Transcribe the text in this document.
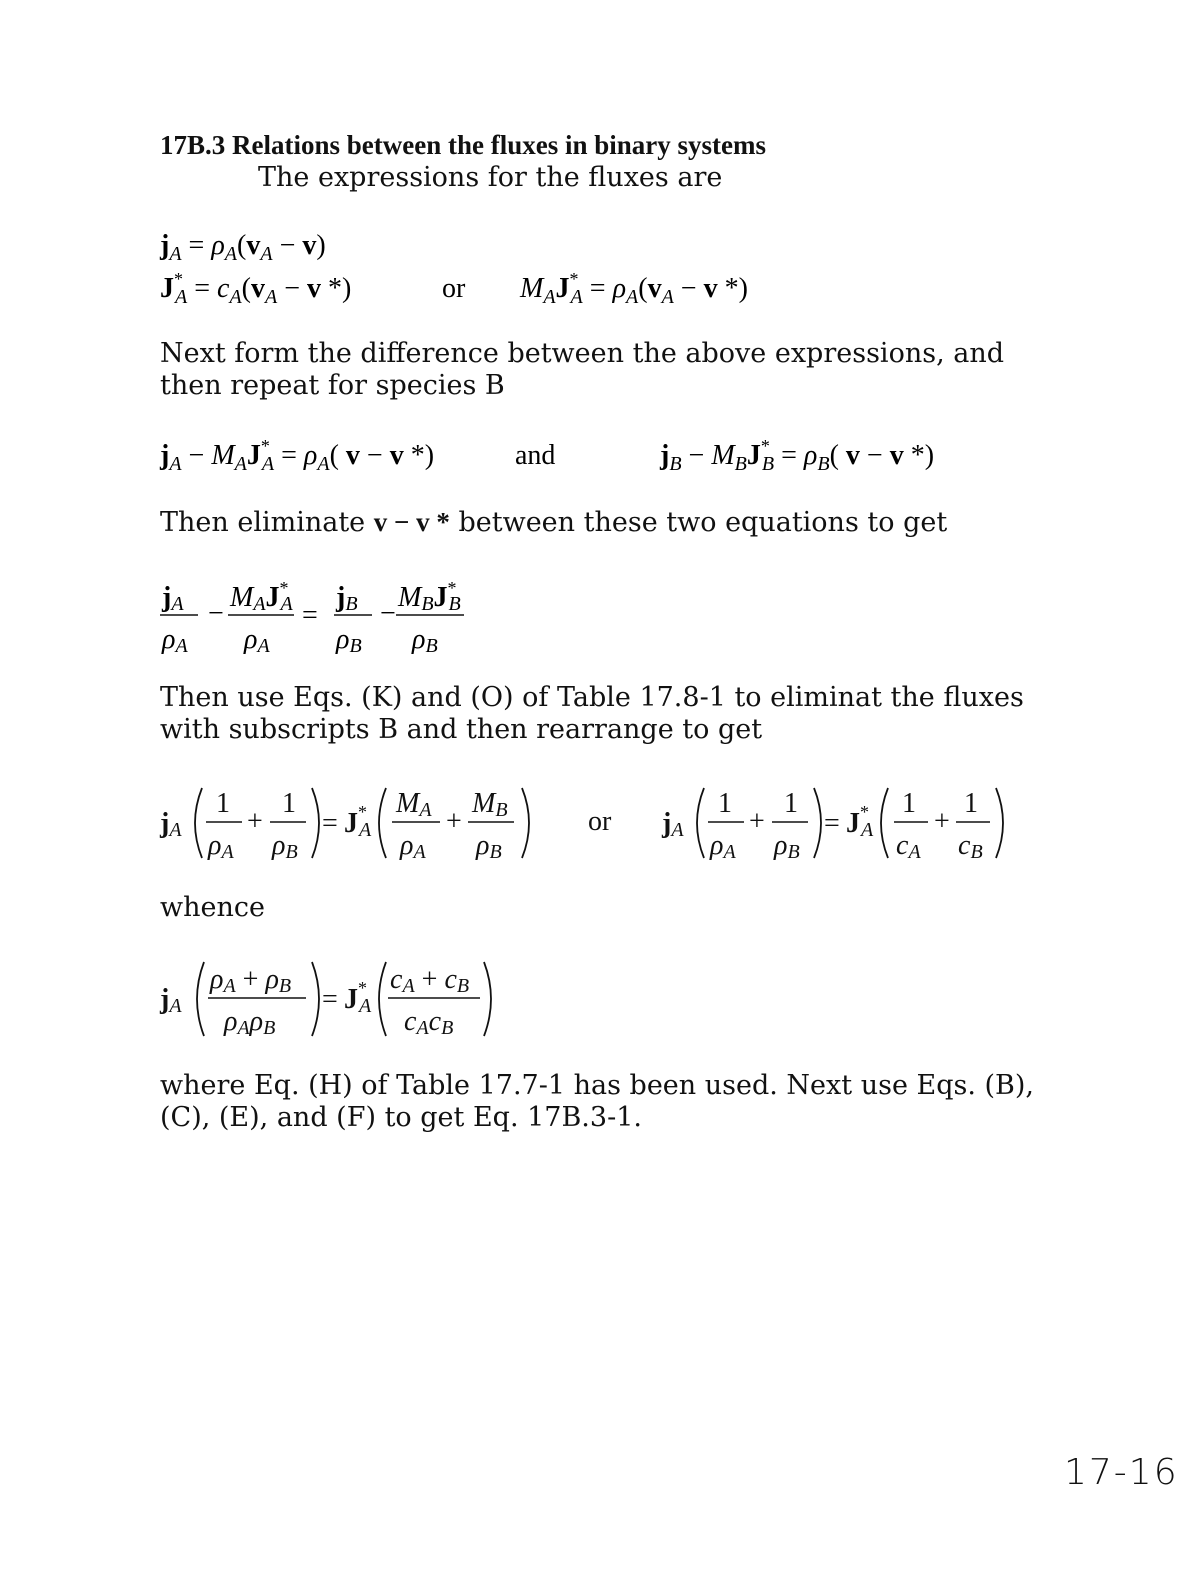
17B.3 Relations between the fluxes in binary systems
The expressions for the fluxes are
$j_A = \rho_A(v_A - v)$
J* $A = c_A(v_A - v$ *)	or $M_AJ^*$ $A = \rho_A(v_A - v$ *)
Next form the difference between the above expressions, and then repeat for species B
$j_A - M_AJ^*$ $A = \rho_A$( v − v *)	and	$j_B - M_BJ^*$ $B = \rho_B$( v − v *)
Then eliminate v − v * between these two equations to get
jA
ρA
−
MAJ* A
ρA
=
jB
ρB
−
MBJ* B
ρB
Then use Eqs. (K) and (O) of Table 17.8-1 to eliminat the fluxes with subscripts B and then rearrange to get
jA
1
ρA
+
1
ρB
= J* A
MA
ρA
+
MB
ρB
or jA
1
ρA
+
1
ρB
= J* A
1
cA
+
1
cB
whence
jA
ρA + ρB
ρAρB
= J* A
cA + cB
cAcB
where Eq. (H) of Table 17.7-1 has been used. Next use Eqs. (B), (C), (E), and (F) to get Eq. 17B.3-1.
17-16
